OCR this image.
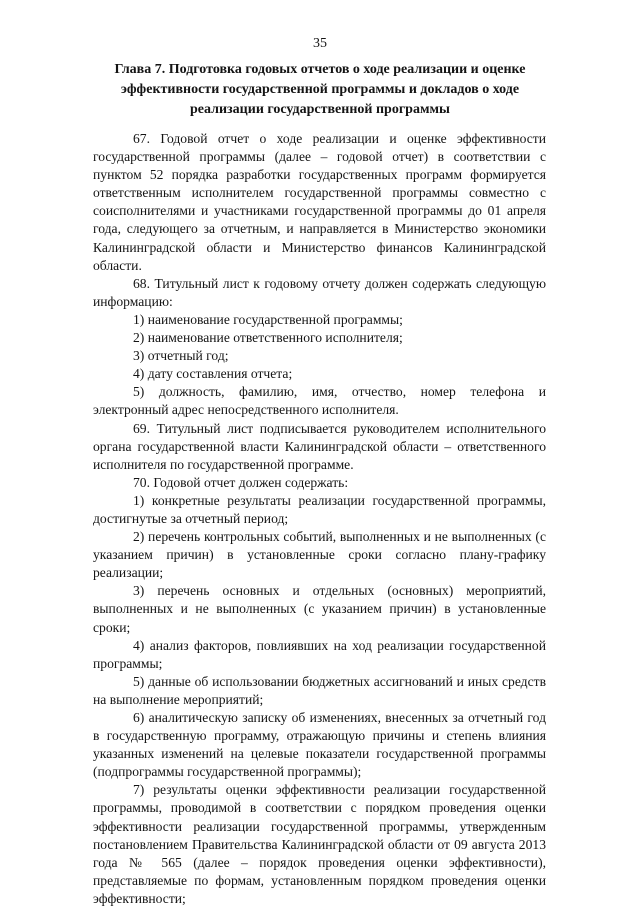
35
Глава 7. Подготовка годовых отчетов о ходе реализации и оценке эффективности государственной программы и докладов о ходе реализации государственной программы

67. Годовой отчет о ходе реализации и оценке эффективности государственной программы (далее – годовой отчет) в соответствии с пунктом 52 порядка разработки государственных программ формируется ответственным исполнителем государственной программы совместно с соисполнителями и участниками государственной программы до 01 апреля года, следующего за отчетным, и направляется в Министерство экономики Калининградской области и Министерство финансов Калининградской области.

68. Титульный лист к годовому отчету должен содержать следующую информацию:

1) наименование государственной программы;

2) наименование ответственного исполнителя;

3) отчетный год;

4) дату составления отчета;

5) должность, фамилию, имя, отчество, номер телефона и электронный адрес непосредственного исполнителя.

69. Титульный лист подписывается руководителем исполнительного органа государственной власти Калининградской области – ответственного исполнителя по государственной программе.

70. Годовой отчет должен содержать:

1) конкретные результаты реализации государственной программы, достигнутые за отчетный период;

2) перечень контрольных событий, выполненных и не выполненных (с указанием причин) в установленные сроки согласно плану-графику реализации;

3) перечень основных и отдельных (основных) мероприятий, выполненных и не выполненных (с указанием причин) в установленные сроки;

4) анализ факторов, повлиявших на ход реализации государственной программы;

5) данные об использовании бюджетных ассигнований и иных средств на выполнение мероприятий;

6) аналитическую записку об изменениях, внесенных за отчетный год в государственную программу, отражающую причины и степень влияния указанных изменений на целевые показатели государственной программы (подпрограммы государственной программы);

7) результаты оценки эффективности реализации государственной программы, проводимой в соответствии с порядком проведения оценки эффективности реализации государственной программы, утвержденным постановлением Правительства Калининградской области от 09 августа 2013 года № 565 (далее – порядок проведения оценки эффективности), представляемые по формам, установленным порядком проведения оценки эффективности;
